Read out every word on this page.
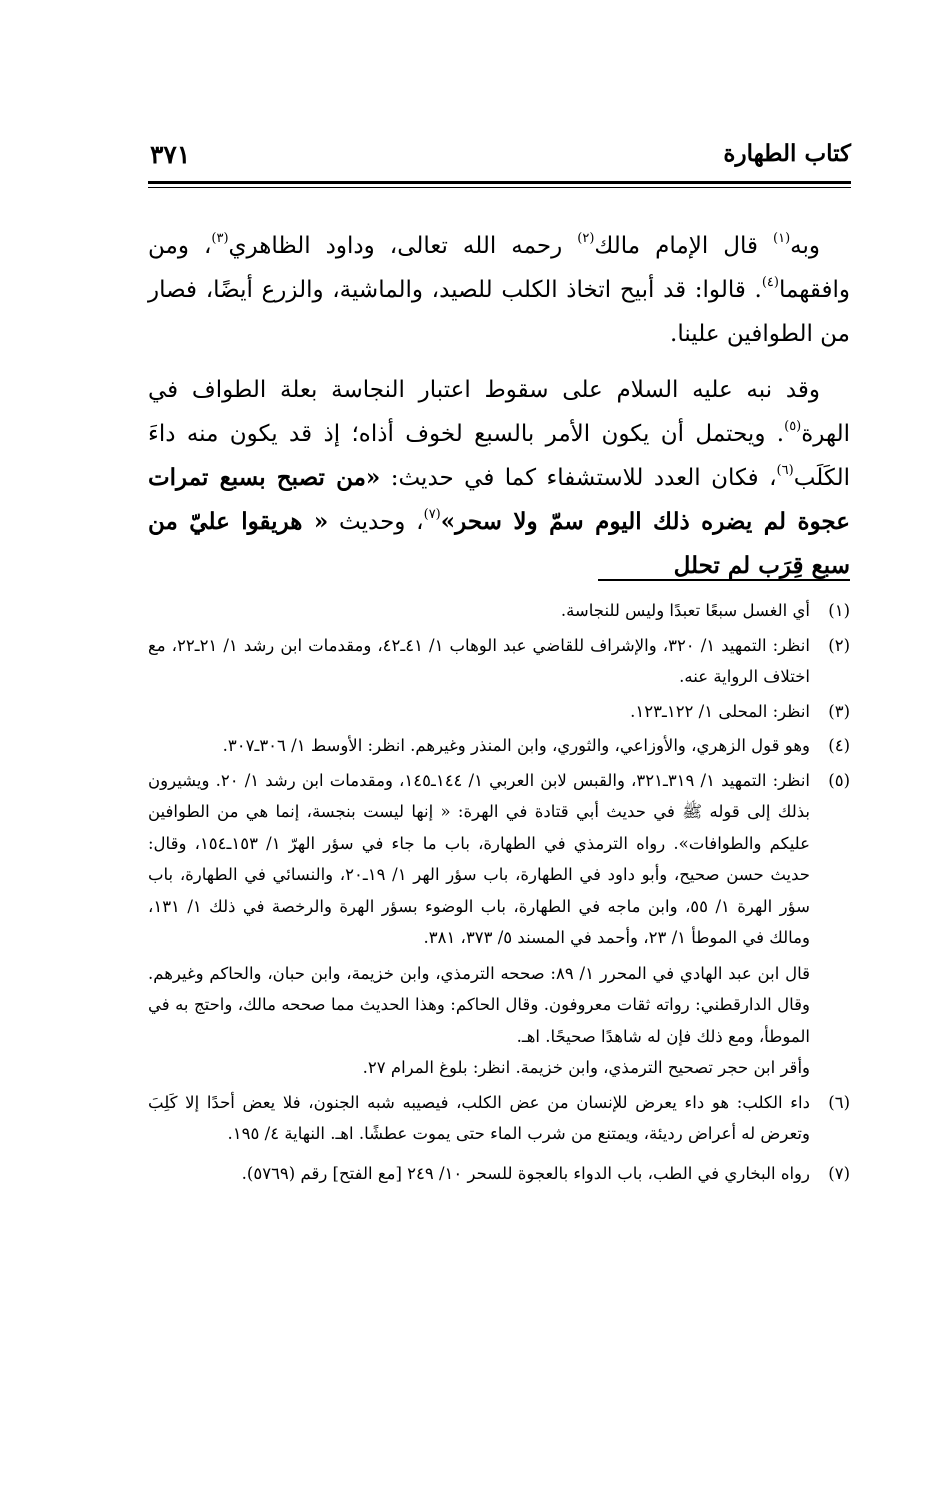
كتاب الطهارة
٣٧١

وبه$^{(١)}$ قال الإمام مالك$^{(٢)}$ رحمه الله تعالى، وداود الظاهري$^{(٣)}$، ومن وافقهما$^{(٤)}$. قالوا: قد أبيح اتخاذ الكلب للصيد، والماشية، والزرع أيضًا، فصار من الطوافين علينا.

وقد نبه عليه السلام على سقوط اعتبار النجاسة بعلة الطواف في الهرة$^{(٥)}$. ويحتمل أن يكون الأمر بالسبع لخوف أذاه؛ إذ قد يكون منه داءَ الكَلَب$^{(٦)}$، فكان العدد للاستشفاء كما في حديث: «من تصبح بسبع تمرات عجوة لم يضره ذلك اليوم سمّ ولا سحر»$^{(٧)}$، وحديث « هريقوا عليّ من سبع قِرَب لم تحلل

(١)

أي الغسل سبعًا تعبدًا وليس للنجاسة.

(٢)

انظر: التمهيد ١/ ٣٢٠، والإشراف للقاضي عبد الوهاب ١/ ٤١ـ٤٢، ومقدمات ابن رشد ١/ ٢١ـ٢٢، مع اختلاف الرواية عنه.

(٣)

انظر: المحلى ١/ ١٢٢ـ١٢٣.

(٤)

وهو قول الزهري، والأوزاعي، والثوري، وابن المنذر وغيرهم. انظر: الأوسط ١/ ٣٠٦ـ٣٠٧.

(٥)

انظر: التمهيد ١/ ٣١٩ـ٣٢١، والقبس لابن العربي ١/ ١٤٤ـ١٤٥، ومقدمات ابن رشد ١/ ٢٠. ويشيرون بذلك إلى قوله ﷺ في حديث أبي قتادة في الهرة: « إنها ليست بنجسة، إنما هي من الطوافين عليكم والطوافات». رواه الترمذي في الطهارة، باب ما جاء في سؤر الهرّ ١/ ١٥٣ـ١٥٤، وقال: حديث حسن صحيح، وأبو داود في الطهارة، باب سؤر الهر ١/ ١٩ـ٢٠، والنسائي في الطهارة، باب سؤر الهرة ١/ ٥٥، وابن ماجه في الطهارة، باب الوضوء بسؤر الهرة والرخصة في ذلك ١/ ١٣١، ومالك في الموطأ ١/ ٢٣، وأحمد في المسند ٥/ ٣٧٣، ٣٨١.

قال ابن عبد الهادي في المحرر ١/ ٨٩: صححه الترمذي، وابن خزيمة، وابن حبان، والحاكم وغيرهم. وقال الدارقطني: رواته ثقات معروفون. وقال الحاكم: وهذا الحديث مما صححه مالك، واحتج به في الموطأ، ومع ذلك فإن له شاهدًا صحيحًا. اهـ.

وأقر ابن حجر تصحيح الترمذي، وابن خزيمة. انظر: بلوغ المرام ٢٧.

(٦)

داء الكلب: هو داء يعرض للإنسان من عض الكلب، فيصيبه شبه الجنون، فلا يعض أحدًا إلا كَلِبَ وتعرض له أعراض رديئة، ويمتنع من شرب الماء حتى يموت عطشًا. اهـ. النهاية ٤/ ١٩٥.

(٧)

رواه البخاري في الطب، باب الدواء بالعجوة للسحر ١٠/ ٢٤٩ [مع الفتح] رقم (٥٧٦٩).
